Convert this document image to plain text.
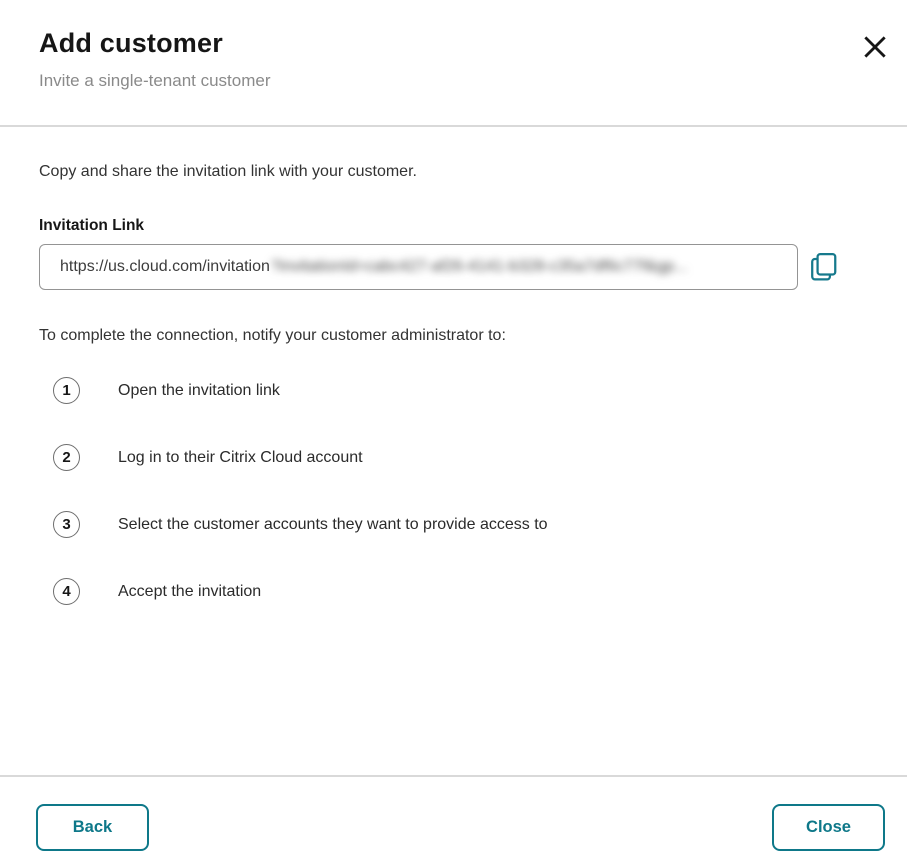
Add customer

Invite a single-tenant customer

Copy and share the invitation link with your customer.

Invitation Link
https://us.cloud.com/invitation ?invitationId=cabc427-af26-4141-b328-c35a7df6c77f&gp...

To complete the connection, notify your customer administrator to:

1	Open the invitation link
2	Log in to their Citrix Cloud account
3	Select the customer accounts they want to provide access to
4	Accept the invitation
Back	Close
